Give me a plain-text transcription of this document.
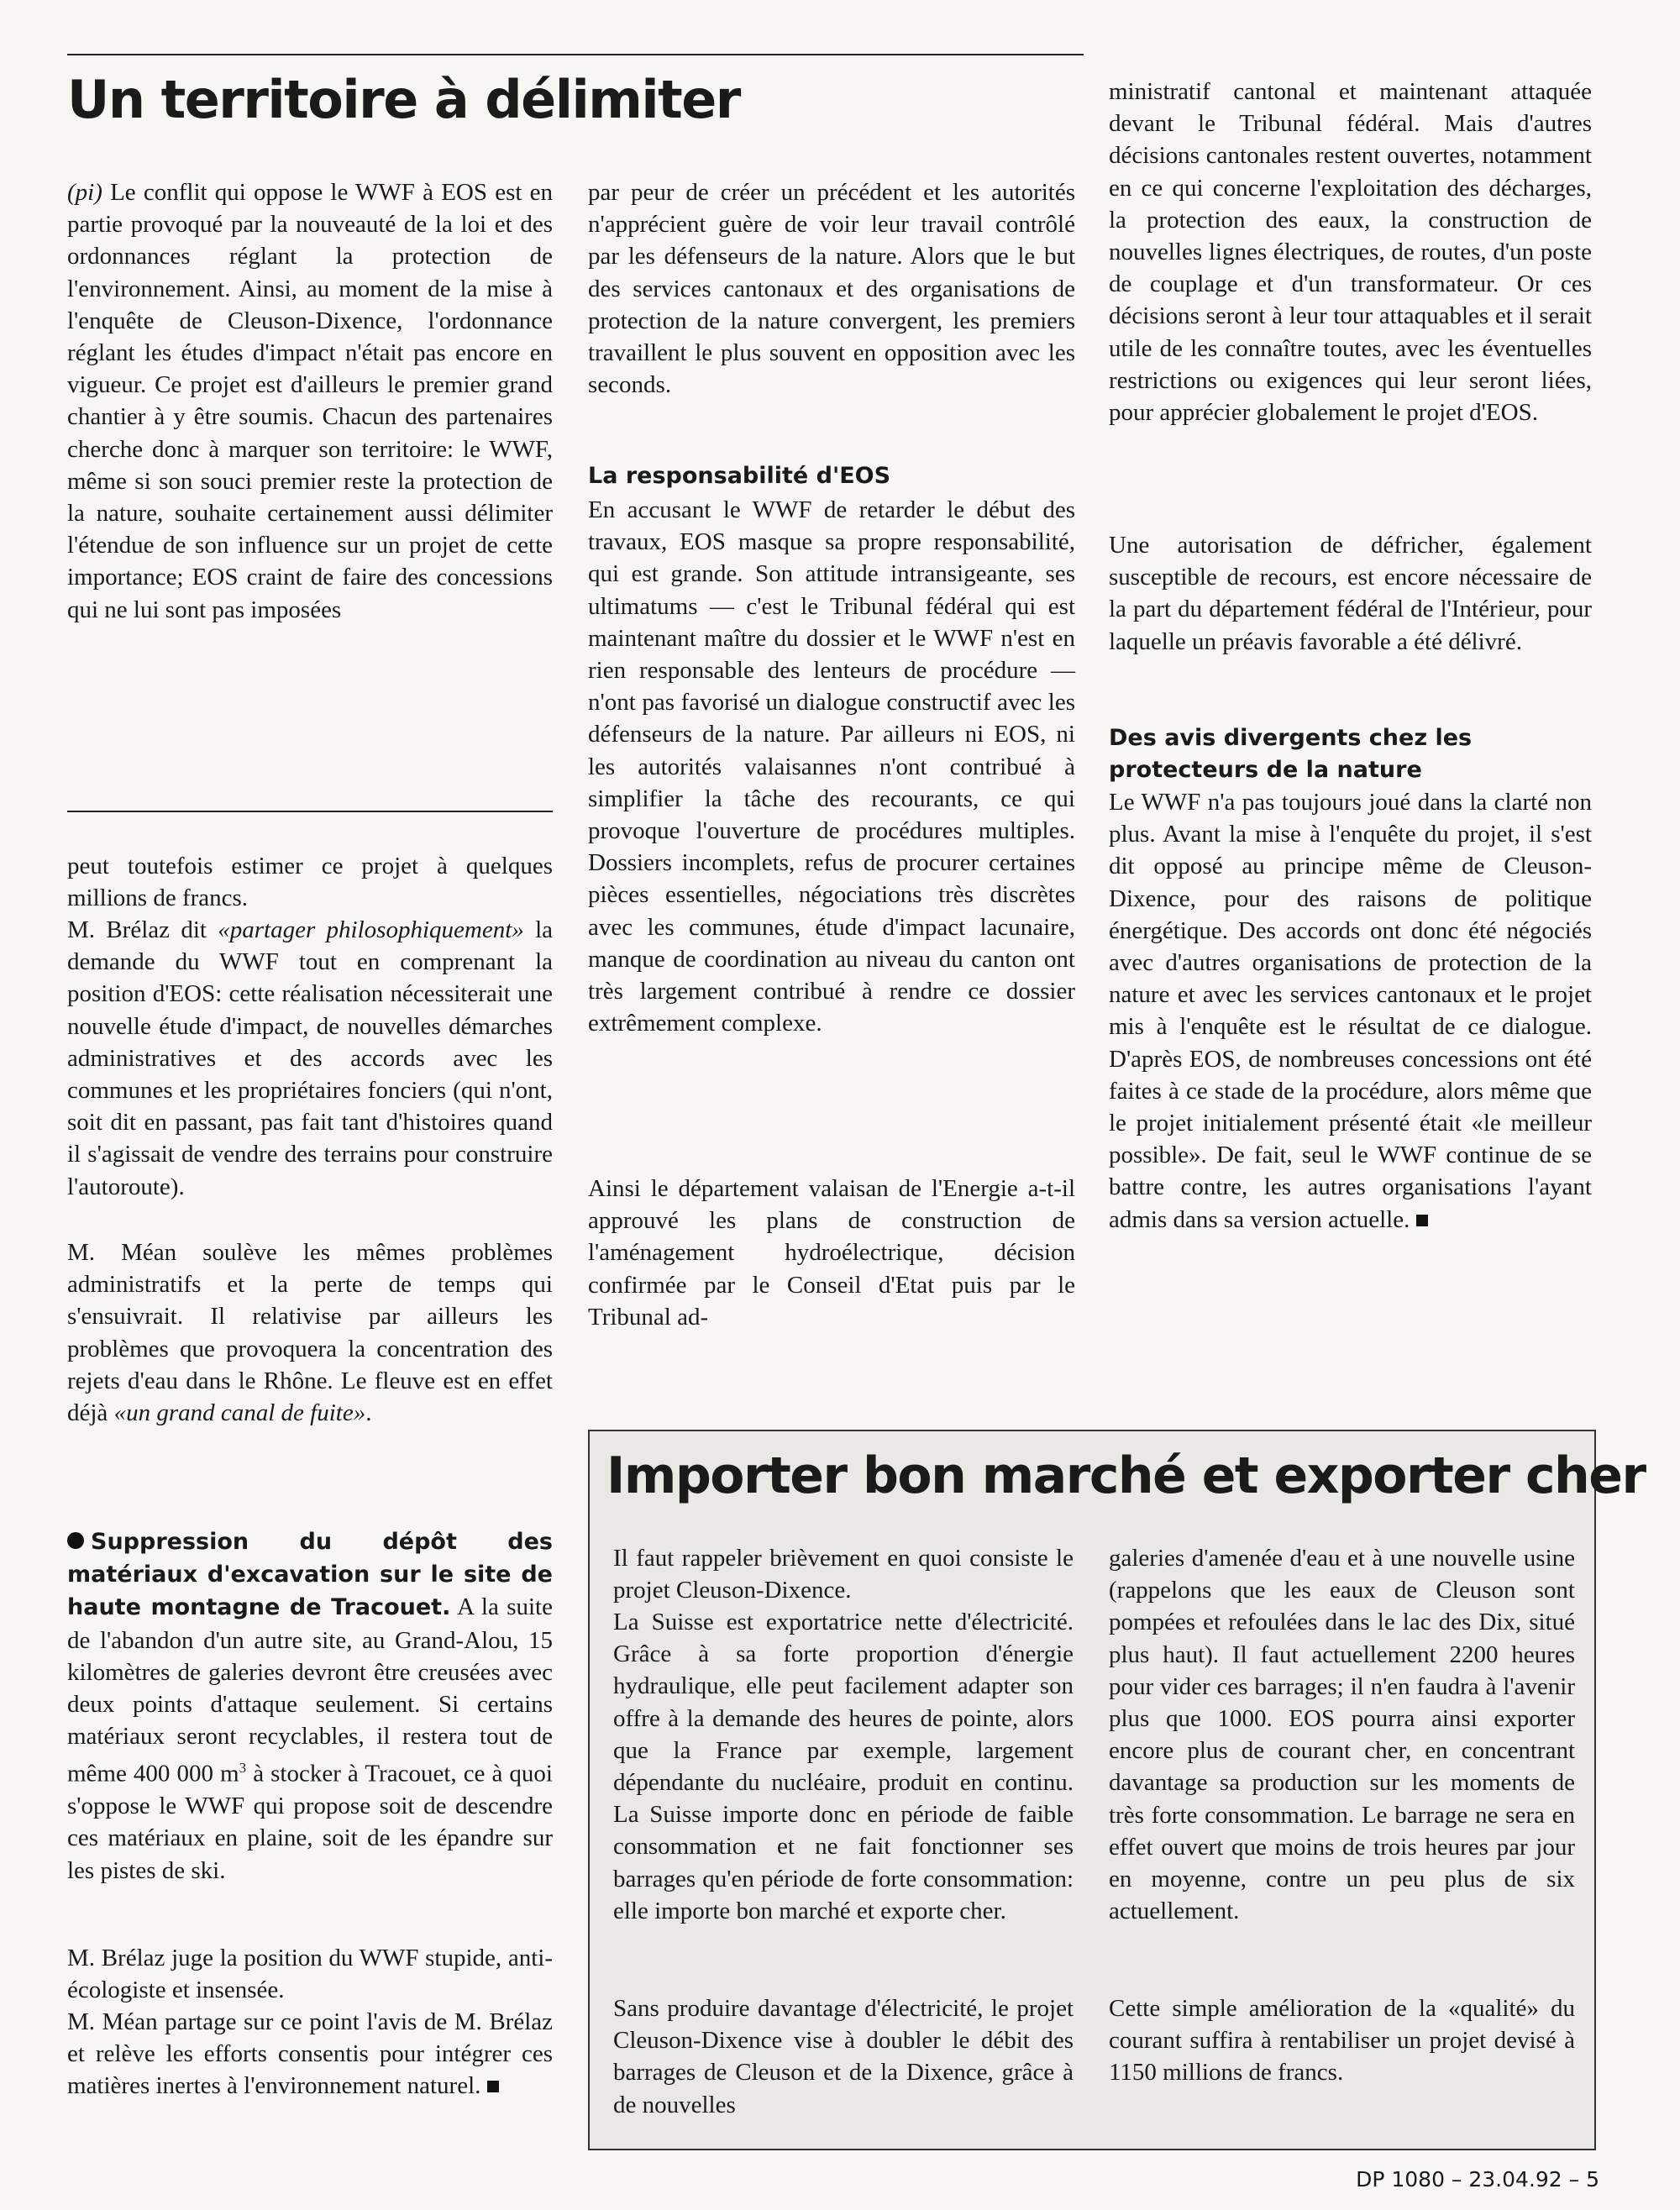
Un territoire à délimiter

(pi) Le conflit qui oppose le WWF à EOS est en partie provoqué par la nouveauté de la loi et des ordonnances réglant la protection de l'environnement. Ainsi, au moment de la mise à l'enquête de Cleuson-Dixence, l'ordonnance réglant les études d'impact n'était pas encore en vigueur. Ce projet est d'ailleurs le premier grand chantier à y être soumis. Chacun des partenaires cherche donc à marquer son territoire: le WWF, même si son souci premier reste la protection de la nature, souhaite certainement aussi délimiter l'étendue de son influence sur un projet de cette importance; EOS craint de faire des concessions qui ne lui sont pas imposées

par peur de créer un précédent et les autorités n'apprécient guère de voir leur travail contrôlé par les défenseurs de la nature. Alors que le but des services cantonaux et des organisations de protection de la nature convergent, les premiers travaillent le plus souvent en opposition avec les seconds.

La responsabilité d'EOS

En accusant le WWF de retarder le début des travaux, EOS masque sa propre responsabilité, qui est grande. Son attitude intransigeante, ses ultimatums — c'est le Tribunal fédéral qui est maintenant maître du dossier et le WWF n'est en rien responsable des lenteurs de procédure — n'ont pas favorisé un dialogue constructif avec les défenseurs de la nature. Par ailleurs ni EOS, ni les autorités valaisannes n'ont contribué à simplifier la tâche des recourants, ce qui provoque l'ouverture de procédures multiples. Dossiers incomplets, refus de procurer certaines pièces essentielles, négociations très discrètes avec les communes, étude d'impact lacunaire, manque de coordination au niveau du canton ont très largement contribué à rendre ce dossier extrêmement complexe.

Ainsi le département valaisan de l'Energie a-t-il approuvé les plans de construction de l'aménagement hydroélectrique, décision confirmée par le Conseil d'Etat puis par le Tribunal ad-

ministratif cantonal et maintenant attaquée devant le Tribunal fédéral. Mais d'autres décisions cantonales restent ouvertes, notamment en ce qui concerne l'exploitation des décharges, la protection des eaux, la construction de nouvelles lignes électriques, de routes, d'un poste de couplage et d'un transformateur. Or ces décisions seront à leur tour attaquables et il serait utile de les connaître toutes, avec les éventuelles restrictions ou exigences qui leur seront liées, pour apprécier globalement le projet d'EOS.

Une autorisation de défricher, également susceptible de recours, est encore nécessaire de la part du département fédéral de l'Intérieur, pour laquelle un préavis favorable a été délivré.

Des avis divergents chez les protecteurs de la nature

Le WWF n'a pas toujours joué dans la clarté non plus. Avant la mise à l'enquête du projet, il s'est dit opposé au principe même de Cleuson-Dixence, pour des raisons de politique énergétique. Des accords ont donc été négociés avec d'autres organisations de protection de la nature et avec les services cantonaux et le projet mis à l'enquête est le résultat de ce dialogue. D'après EOS, de nombreuses concessions ont été faites à ce stade de la procédure, alors même que le projet initialement présenté était «le meilleur possible». De fait, seul le WWF continue de se battre contre, les autres organisations l'ayant admis dans sa version actuelle.

peut toutefois estimer ce projet à quelques millions de francs.

M. Brélaz dit «partager philosophiquement» la demande du WWF tout en comprenant la position d'EOS: cette réalisation nécessiterait une nouvelle étude d'impact, de nouvelles démarches administratives et des accords avec les communes et les propriétaires fonciers (qui n'ont, soit dit en passant, pas fait tant d'histoires quand il s'agissait de vendre des terrains pour construire l'autoroute).

M. Méan soulève les mêmes problèmes administratifs et la perte de temps qui s'ensuivrait. Il relativise par ailleurs les problèmes que provoquera la concentration des rejets d'eau dans le Rhône. Le fleuve est en effet déjà «un grand canal de fuite».

Suppression du dépôt des matériaux d'excavation sur le site de haute montagne de Tracouet. A la suite de l'abandon d'un autre site, au Grand-Alou, 15 kilomètres de galeries devront être creusées avec deux points d'attaque seulement. Si certains matériaux seront recyclables, il restera tout de même 400 000 $m^3$ à stocker à Tracouet, ce à quoi s'oppose le WWF qui propose soit de descendre ces matériaux en plaine, soit de les épandre sur les pistes de ski.

M. Brélaz juge la position du WWF stupide, anti-écologiste et insensée.

M. Méan partage sur ce point l'avis de M. Brélaz et relève les efforts consentis pour intégrer ces matières inertes à l'environnement naturel.

Importer bon marché et exporter cher

Il faut rappeler brièvement en quoi consiste le projet Cleuson-Dixence.

La Suisse est exportatrice nette d'électricité. Grâce à sa forte proportion d'énergie hydraulique, elle peut facilement adapter son offre à la demande des heures de pointe, alors que la France par exemple, largement dépendante du nucléaire, produit en continu. La Suisse importe donc en période de faible consommation et ne fait fonctionner ses barrages qu'en période de forte consommation: elle importe bon marché et exporte cher.

Sans produire davantage d'électricité, le projet Cleuson-Dixence vise à doubler le débit des barrages de Cleuson et de la Dixence, grâce à de nouvelles

galeries d'amenée d'eau et à une nouvelle usine (rappelons que les eaux de Cleuson sont pompées et refoulées dans le lac des Dix, situé plus haut). Il faut actuellement 2200 heures pour vider ces barrages; il n'en faudra à l'avenir plus que 1000. EOS pourra ainsi exporter encore plus de courant cher, en concentrant davantage sa production sur les moments de très forte consommation. Le barrage ne sera en effet ouvert que moins de trois heures par jour en moyenne, contre un peu plus de six actuellement.

Cette simple amélioration de la «qualité» du courant suffira à rentabiliser un projet devisé à 1150 millions de francs.

DP 1080 – 23.04.92 – 5
